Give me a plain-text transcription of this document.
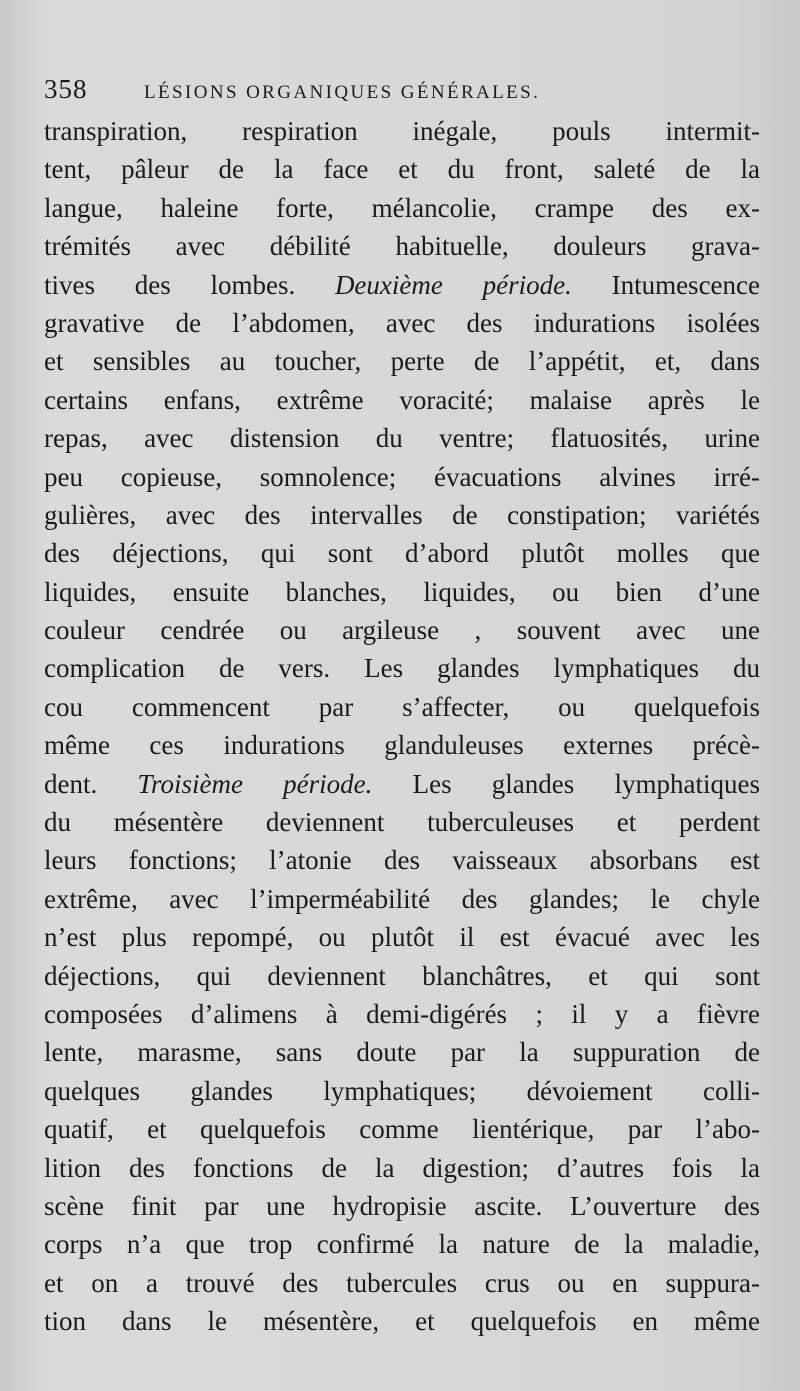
358	LÉSIONS ORGANIQUES GÉNÉRALES.
transpiration, respiration inégale, pouls intermit-
tent, pâleur de la face et du front, saleté de la
langue, haleine forte, mélancolie, crampe des ex-
trémités avec débilité habituelle, douleurs grava-
tives des lombes. Deuxième période. Intumescence
gravative de l’abdomen, avec des indurations isolées
et sensibles au toucher, perte de l’appétit, et, dans
certains enfans, extrême voracité; malaise après le
repas, avec distension du ventre; flatuosités, urine
peu copieuse, somnolence; évacuations alvines irré-
gulières, avec des intervalles de constipation; variétés
des déjections, qui sont d’abord plutôt molles que
liquides, ensuite blanches, liquides, ou bien d’une
couleur cendrée ou argileuse , souvent avec une
complication de vers. Les glandes lymphatiques du
cou commencent par s’affecter, ou quelquefois
même ces indurations glanduleuses externes précè-
dent. Troisième période. Les glandes lymphatiques
du mésentère deviennent tuberculeuses et perdent
leurs fonctions; l’atonie des vaisseaux absorbans est
extrême, avec l’imperméabilité des glandes; le chyle
n’est plus repompé, ou plutôt il est évacué avec les
déjections, qui deviennent blanchâtres, et qui sont
composées d’alimens à demi-digérés ; il y a fièvre
lente, marasme, sans doute par la suppuration de
quelques glandes lymphatiques; dévoiement colli-
quatif, et quelquefois comme lientérique, par l’abo-
lition des fonctions de la digestion; d’autres fois la
scène finit par une hydropisie ascite. L’ouverture des
corps n’a que trop confirmé la nature de la maladie,
et on a trouvé des tubercules crus ou en suppura-
tion dans le mésentère, et quelquefois en même
